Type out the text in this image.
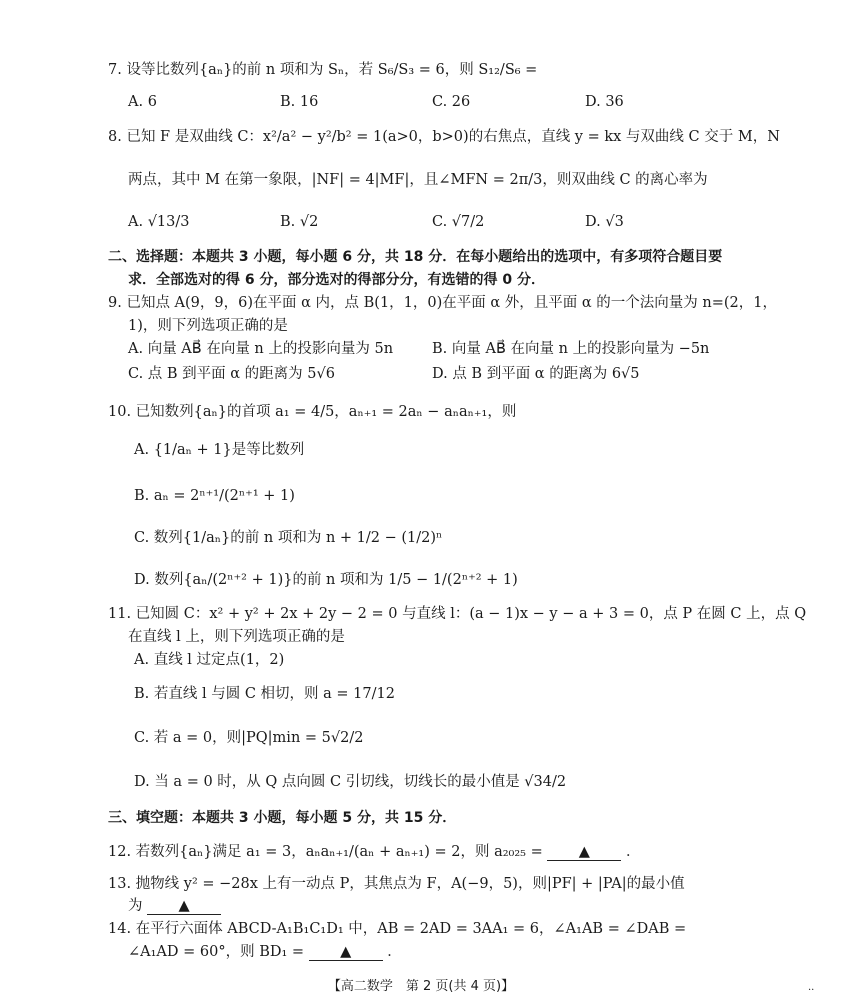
7. 设等比数列{aₙ}的前 n 项和为 Sₙ，若 S₆/S₃ = 6，则 S₁₂/S₆ =
A. 6	B. 16	C. 26	D. 36
8. 已知 F 是双曲线 C：x²/a² − y²/b² = 1(a>0，b>0)的右焦点，直线 y = kx 与双曲线 C 交于 M，N
两点，其中 M 在第一象限，|NF| = 4|MF|，且∠MFN = 2π/3，则双曲线 C 的离心率为
A. √13/3	B. √2	C. √7/2	D. √3
二、选择题：本题共 3 小题，每小题 6 分，共 18 分．在每小题给出的选项中，有多项符合题目要
求．全部选对的得 6 分，部分选对的得部分分，有选错的得 0 分．
9. 已知点 A(9，9，6)在平面 α 内，点 B(1，1，0)在平面 α 外，且平面 α 的一个法向量为 n=(2，1，
1)，则下列选项正确的是
A. 向量 AB⃗ 在向量 n 上的投影向量为 5n	B. 向量 AB⃗ 在向量 n 上的投影向量为 −5n
C. 点 B 到平面 α 的距离为 5√6	D. 点 B 到平面 α 的距离为 6√5
10. 已知数列{aₙ}的首项 a₁ = 4/5，aₙ₊₁ = 2aₙ − aₙaₙ₊₁，则
A. {1/aₙ + 1}是等比数列
B. aₙ = 2ⁿ⁺¹/(2ⁿ⁺¹ + 1)
C. 数列{1/aₙ}的前 n 项和为 n + 1/2 − (1/2)ⁿ
D. 数列{aₙ/(2ⁿ⁺² + 1)}的前 n 项和为 1/5 − 1/(2ⁿ⁺² + 1)
11. 已知圆 C：x² + y² + 2x + 2y − 2 = 0 与直线 l：(a − 1)x − y − a + 3 = 0，点 P 在圆 C 上，点 Q
在直线 l 上，则下列选项正确的是
A. 直线 l 过定点(1，2)
B. 若直线 l 与圆 C 相切，则 a = 17/12
C. 若 a = 0，则|PQ|min = 5√2/2
D. 当 a = 0 时，从 Q 点向圆 C 引切线，切线长的最小值是 √34/2
三、填空题：本题共 3 小题，每小题 5 分，共 15 分．
12. 若数列{aₙ}满足 a₁ = 3，aₙaₙ₊₁/(aₙ + aₙ₊₁) = 2，则 a₂₀₂₅ = ▲ ．
13. 抛物线 y² = −28x 上有一动点 P，其焦点为 F，A(−9，5)，则|PF| + |PA|的最小值
为 ▲
14. 在平行六面体 ABCD-A₁B₁C₁D₁ 中，AB = 2AD = 3AA₁ = 6，∠A₁AB = ∠DAB =
∠A₁AD = 60°，则 BD₁ = ▲ ．
【高二数学　第 2 页(共 4 页)】	..
